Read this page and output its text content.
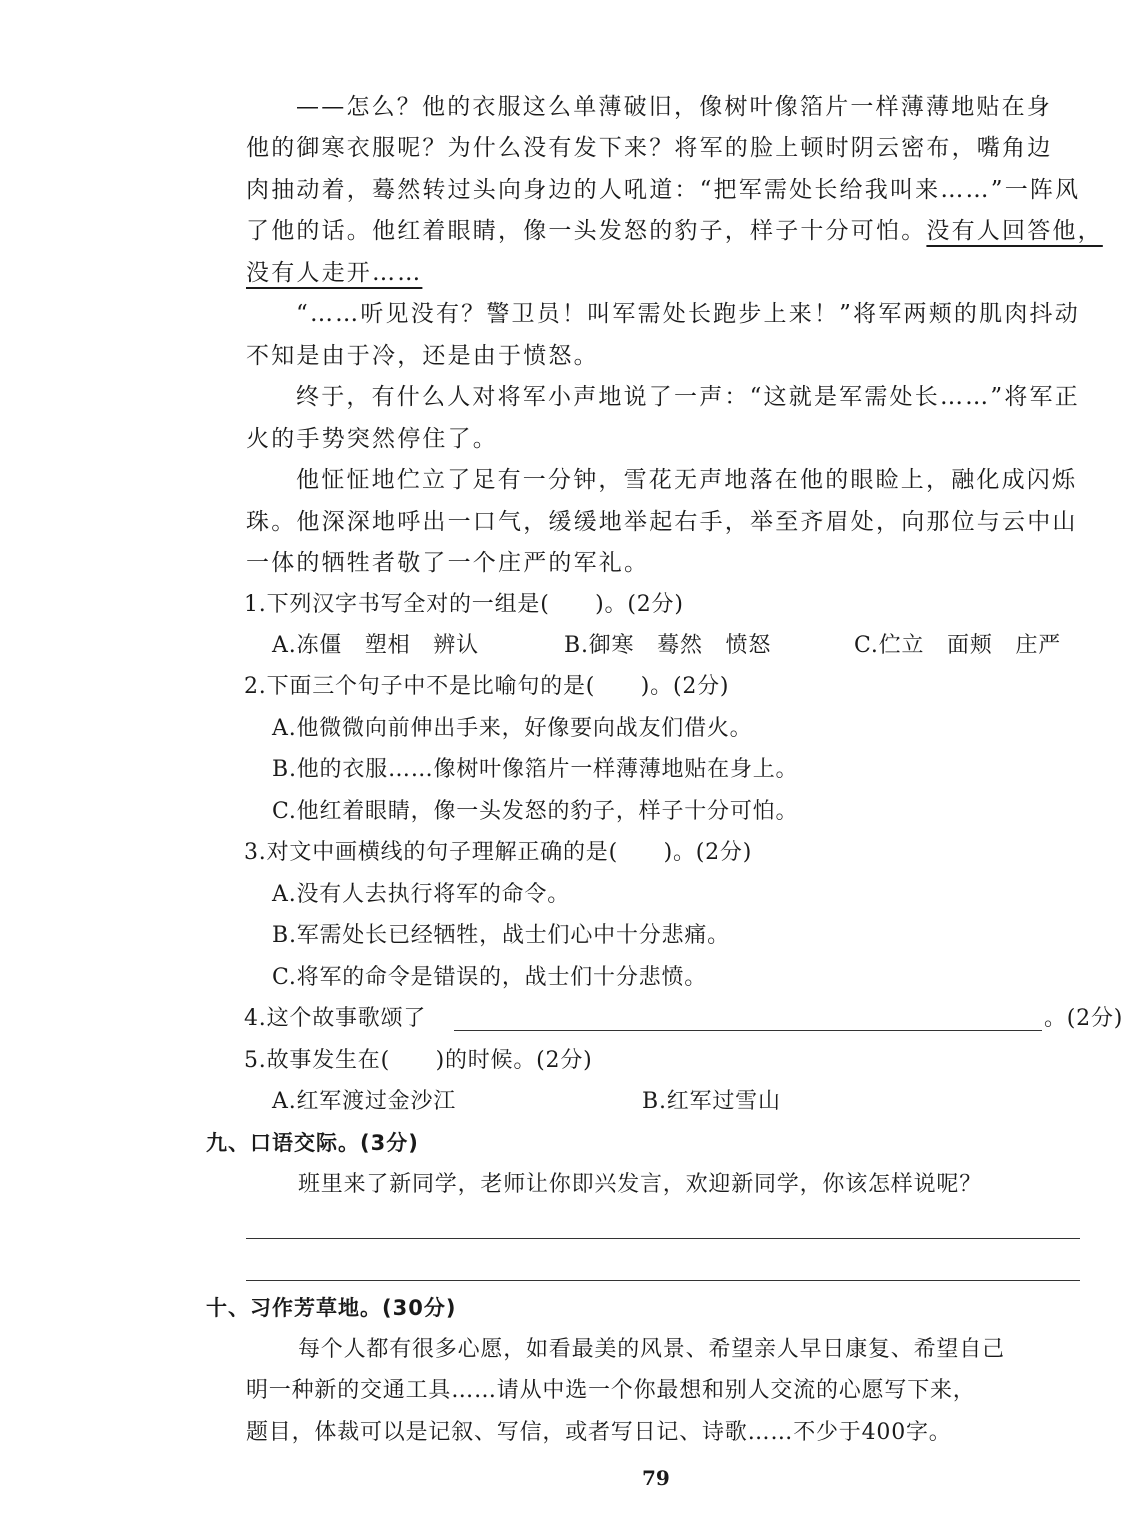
——怎么？他的衣服这么单薄破旧，像树叶像箔片一样薄薄地贴在身
他的御寒衣服呢？为什么没有发下来？将军的脸上顿时阴云密布，嘴角边
肉抽动着，蓦然转过头向身边的人吼道：“把军需处长给我叫来……”一阵风
了他的话。他红着眼睛，像一头发怒的豹子，样子十分可怕。没有人回答他，
没有人走开……
“……听见没有？警卫员！叫军需处长跑步上来！”将军两颊的肌肉抖动
不知是由于冷，还是由于愤怒。
终于，有什么人对将军小声地说了一声：“这就是军需处长……”将军正
火的手势突然停住了。
他怔怔地伫立了足有一分钟，雪花无声地落在他的眼睑上，融化成闪烁
珠。他深深地呼出一口气，缓缓地举起右手，举至齐眉处，向那位与云中山
一体的牺牲者敬了一个庄严的军礼。
1.下列汉字书写全对的一组是(　　)。(2分)
A.冻僵　塑相　辨认	B.御寒　蓦然　愤怒	C.伫立　面颊　庄严
2.下面三个句子中不是比喻句的是(　　)。(2分)
A.他微微向前伸出手来，好像要向战友们借火。
B.他的衣服……像树叶像箔片一样薄薄地贴在身上。
C.他红着眼睛，像一头发怒的豹子，样子十分可怕。
3.对文中画横线的句子理解正确的是(　　)。(2分)
A.没有人去执行将军的命令。
B.军需处长已经牺牲，战士们心中十分悲痛。
C.将军的命令是错误的，战士们十分悲愤。
4.这个故事歌颂了	。(2分)
5.故事发生在(　　)的时候。(2分)
A.红军渡过金沙江	B.红军过雪山
九、口语交际。(3分)
班里来了新同学，老师让你即兴发言，欢迎新同学，你该怎样说呢？
十、习作芳草地。(30分)
每个人都有很多心愿，如看最美的风景、希望亲人早日康复、希望自己
明一种新的交通工具……请从中选一个你最想和别人交流的心愿写下来，
题目，体裁可以是记叙、写信，或者写日记、诗歌……不少于400字。
79
